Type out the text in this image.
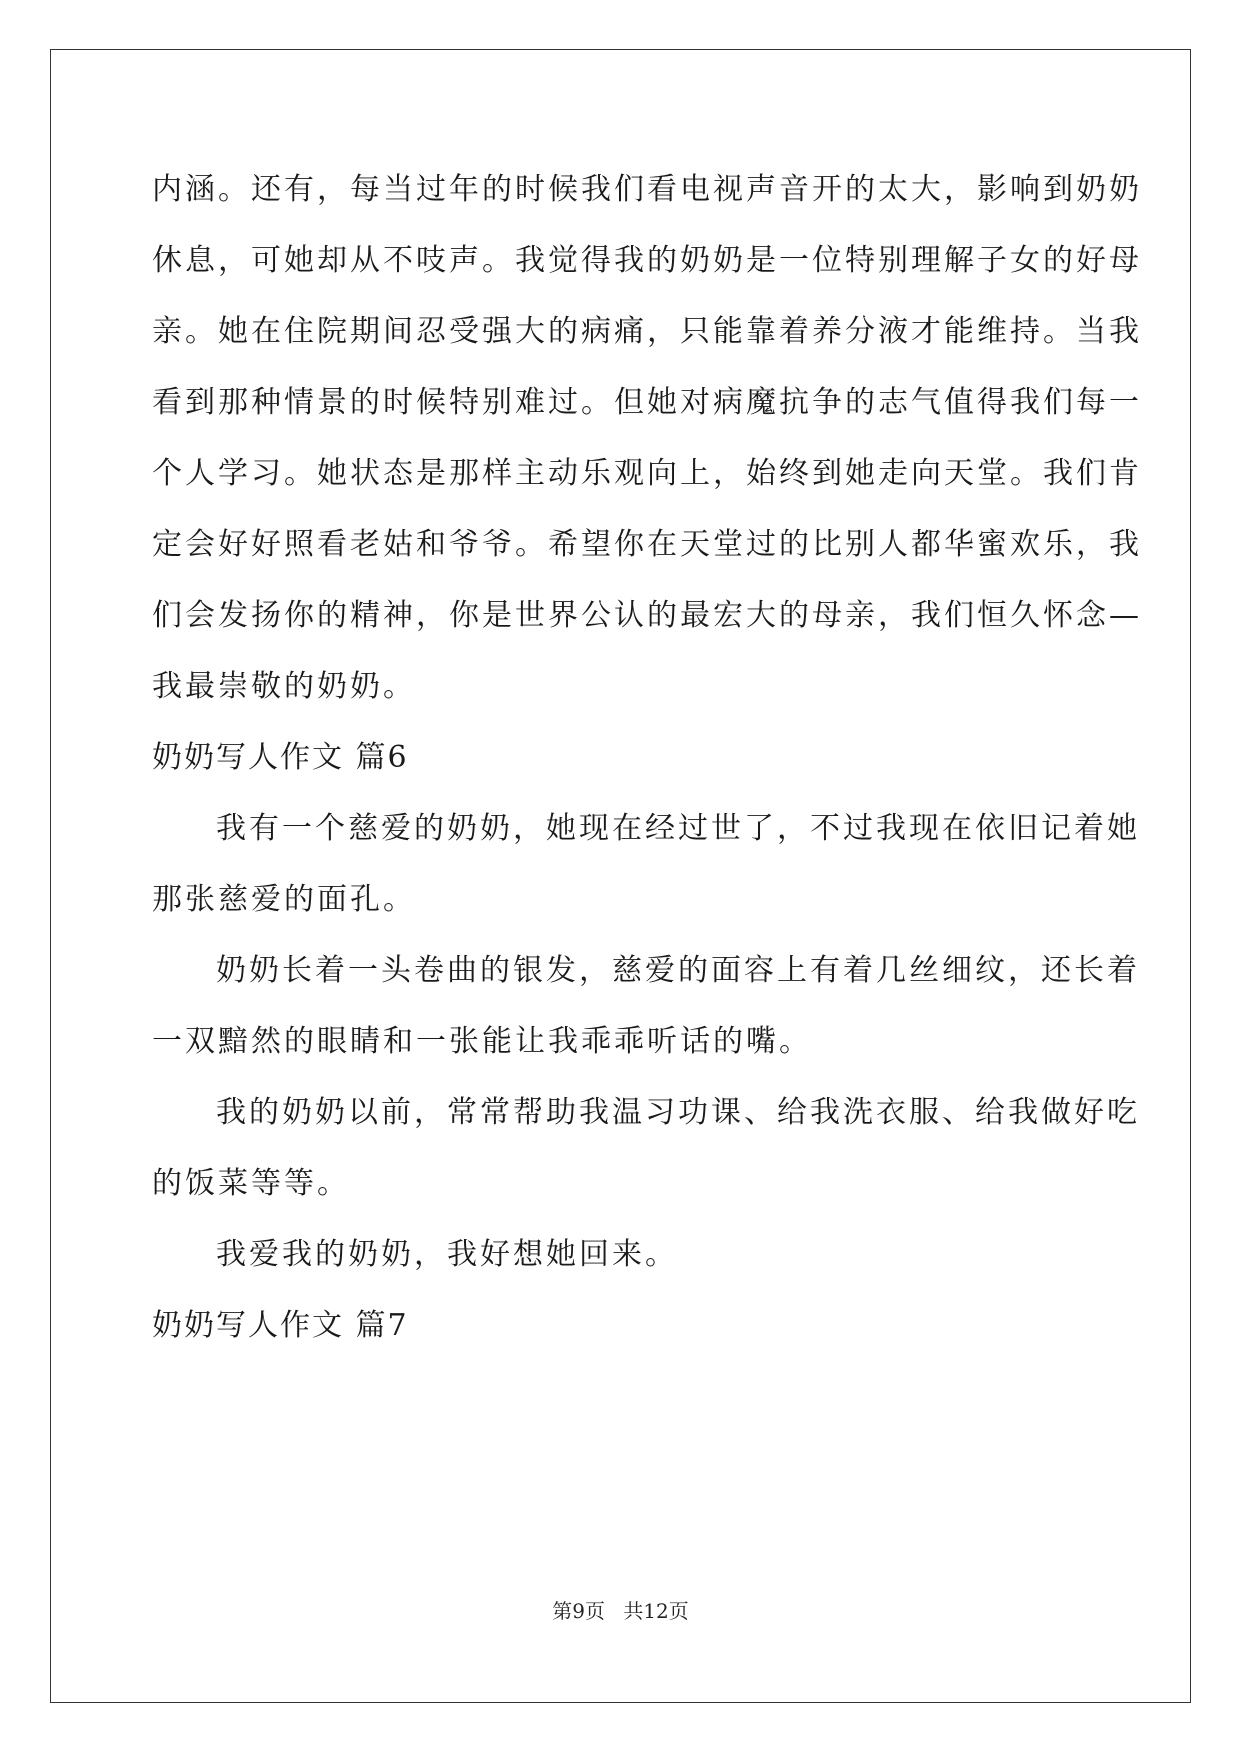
内涵。还有，每当过年的时候我们看电视声音开的太大，影响到奶奶
休息，可她却从不吱声。我觉得我的奶奶是一位特别理解子女的好母
亲。她在住院期间忍受强大的病痛，只能靠着养分液才能维持。当我
看到那种情景的时候特别难过。但她对病魔抗争的志气值得我们每一
个人学习。她状态是那样主动乐观向上，始终到她走向天堂。我们肯
定会好好照看老姑和爷爷。希望你在天堂过的比别人都华蜜欢乐，我
们会发扬你的精神，你是世界公认的最宏大的母亲，我们恒久怀念—
我最崇敬的奶奶。
奶奶写人作文 篇6
我有一个慈爱的奶奶，她现在经过世了，不过我现在依旧记着她
那张慈爱的面孔。
奶奶长着一头卷曲的银发，慈爱的面容上有着几丝细纹，还长着
一双黯然的眼睛和一张能让我乖乖听话的嘴。
我的奶奶以前，常常帮助我温习功课、给我洗衣服、给我做好吃
的饭菜等等。
我爱我的奶奶，我好想她回来。
奶奶写人作文 篇7
第9页 共12页
